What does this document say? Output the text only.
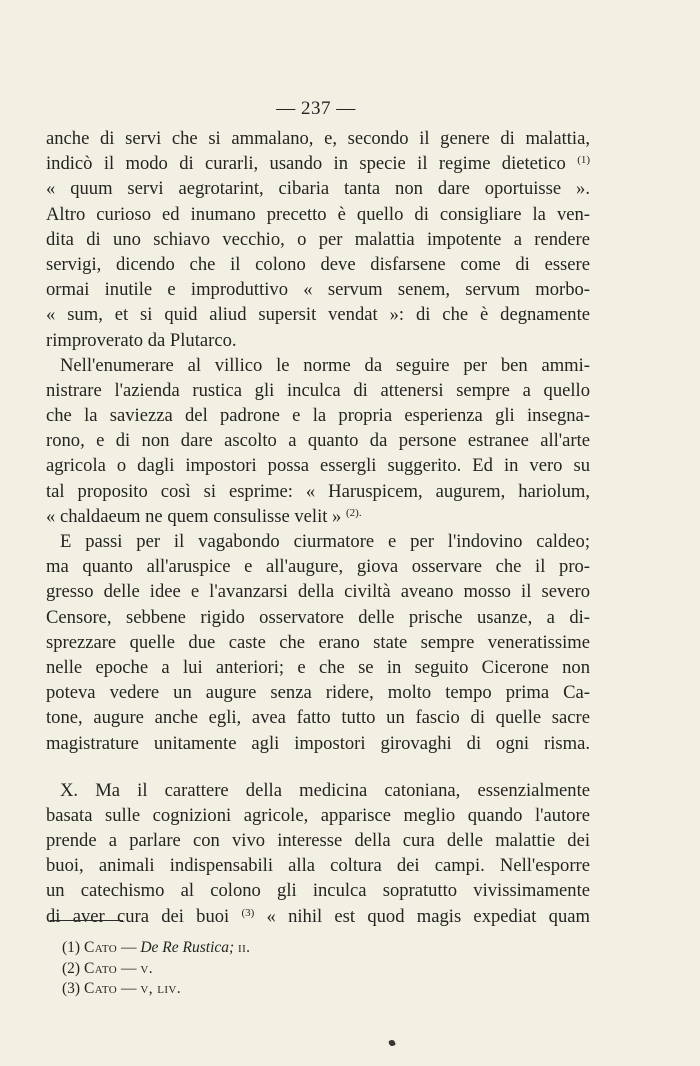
— 237 —
anche di servi che si ammalano, e, secondo il genere di malattia,
indicò il modo di curarli, usando in specie il regime dietetico $^{(1)}$
« quum servi aegrotarint, cibaria tanta non dare oportuisse ».
Altro curioso ed inumano precetto è quello di consigliare la ven-
dita di uno schiavo vecchio, o per malattia impotente a rendere
servigi, dicendo che il colono deve disfarsene come di essere
ormai inutile e improduttivo « servum senem, servum morbo-
« sum, et si quid aliud supersit vendat »: di che è degnamente
rimproverato da Plutarco.
Nell'enumerare al villico le norme da seguire per ben ammi-
nistrare l'azienda rustica gli inculca di attenersi sempre a quello
che la saviezza del padrone e la propria esperienza gli insegna-
rono, e di non dare ascolto a quanto da persone estranee all'arte
agricola o dagli impostori possa essergli suggerito. Ed in vero su
tal proposito così si esprime: « Haruspicem, augurem, hariolum,
« chaldaeum ne quem consulisse velit » $^{(2).}$
E passi per il vagabondo ciurmatore e per l'indovino caldeo;
ma quanto all'aruspice e all'augure, giova osservare che il pro-
gresso delle idee e l'avanzarsi della civiltà aveano mosso il severo
Censore, sebbene rigido osservatore delle prische usanze, a di-
sprezzare quelle due caste che erano state sempre veneratissime
nelle epoche a lui anteriori; e che se in seguito Cicerone non
poteva vedere un augure senza ridere, molto tempo prima Ca-
tone, augure anche egli, avea fatto tutto un fascio di quelle sacre
magistrature unitamente agli impostori girovaghi di ogni risma.
X. Ma il carattere della medicina catoniana, essenzialmente
basata sulle cognizioni agricole, apparisce meglio quando l'autore
prende a parlare con vivo interesse della cura delle malattie dei
buoi, animali indispensabili alla coltura dei campi. Nell'esporre
un catechismo al colono gli inculca sopratutto vivissimamente
di aver cura dei buoi $^{(3)}$ « nihil est quod magis expediat quam
(1) Cato — De Re Rustica; ii.
(2) Cato — v.
(3) Cato — v, liv.
